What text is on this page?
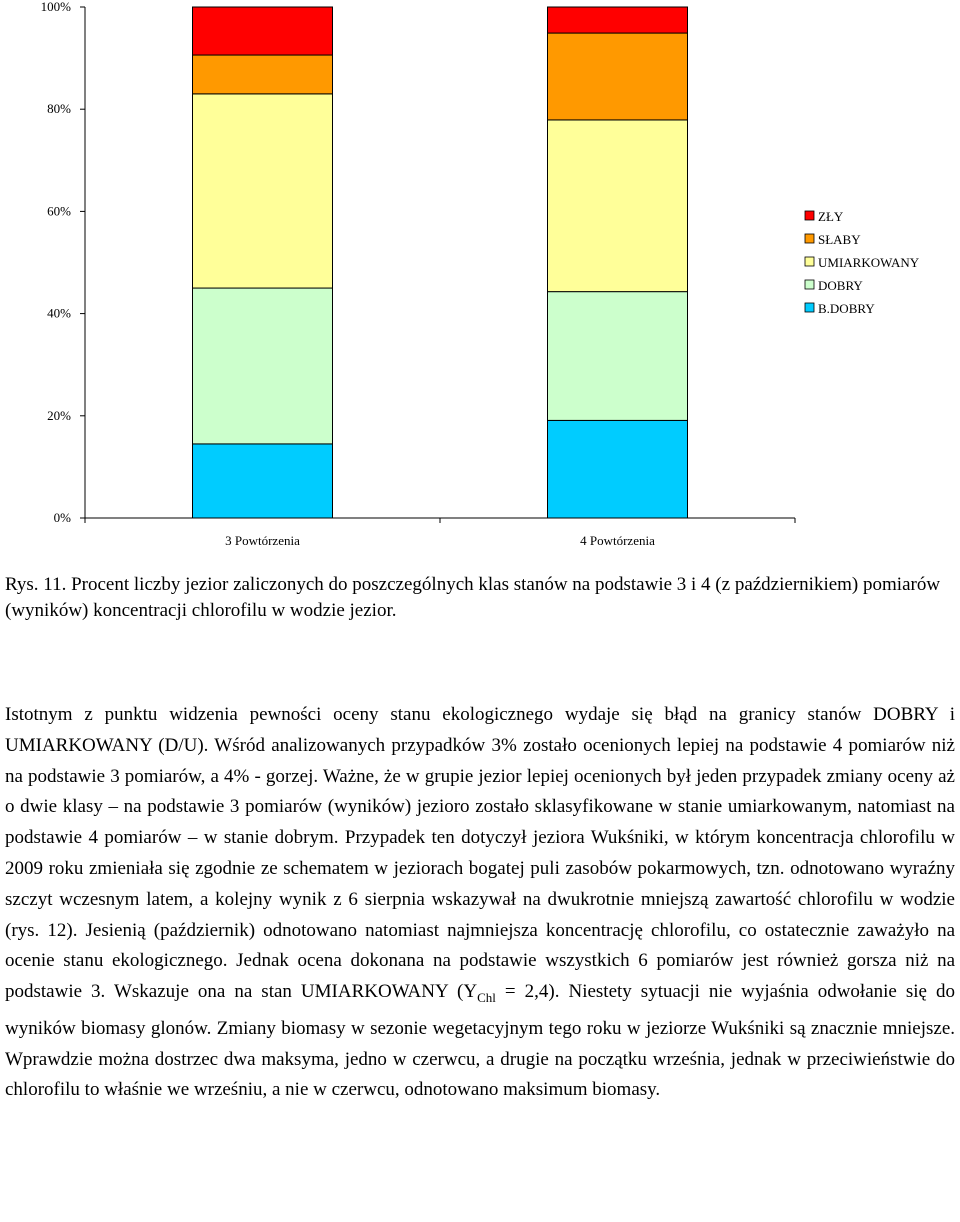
0%
20%
40%
60%
80%
100%
3 Powtórzenia	4 Powtórzenia
ZŁY
SŁABY
UMIARKOWANY
DOBRY
B.DOBRY

Rys. 11. Procent liczby jezior zaliczonych do poszczególnych klas stanów na podstawie 3 i 4 (z październikiem) pomiarów (wyników) koncentracji chlorofilu w wodzie jezior.

Istotnym z punktu widzenia pewności oceny stanu ekologicznego wydaje się błąd na granicy stanów DOBRY i UMIARKOWANY (D/U). Wśród analizowanych przypadków 3% zostało ocenionych lepiej na podstawie 4 pomiarów niż na podstawie 3 pomiarów, a 4% - gorzej. Ważne, że w grupie jezior lepiej ocenionych był jeden przypadek zmiany oceny aż o dwie klasy – na podstawie 3 pomiarów (wyników) jezioro zostało sklasyfikowane w stanie umiarkowanym, natomiast na podstawie 4 pomiarów – w stanie dobrym. Przypadek ten dotyczył jeziora Wukśniki, w którym koncentracja chlorofilu w 2009 roku zmieniała się zgodnie ze schematem w jeziorach bogatej puli zasobów pokarmowych, tzn. odnotowano wyraźny szczyt wczesnym latem, a kolejny wynik z 6 sierpnia wskazywał na dwukrotnie mniejszą zawartość chlorofilu w wodzie (rys. 12). Jesienią (październik) odnotowano natomiast najmniejsza koncentrację chlorofilu, co ostatecznie zaważyło na ocenie stanu ekologicznego. Jednak ocena dokonana na podstawie wszystkich 6 pomiarów jest również gorsza niż na podstawie 3. Wskazuje ona na stan UMIARKOWANY $(Y_{Chl} = 2,4)$. Niestety sytuacji nie wyjaśnia odwołanie się do wyników biomasy glonów. Zmiany biomasy w sezonie wegetacyjnym tego roku w jeziorze Wukśniki są znacznie mniejsze. Wprawdzie można dostrzec dwa maksyma, jedno w czerwcu, a drugie na początku września, jednak w przeciwieństwie do chlorofilu to właśnie we wrześniu, a nie w czerwcu, odnotowano maksimum biomasy.
